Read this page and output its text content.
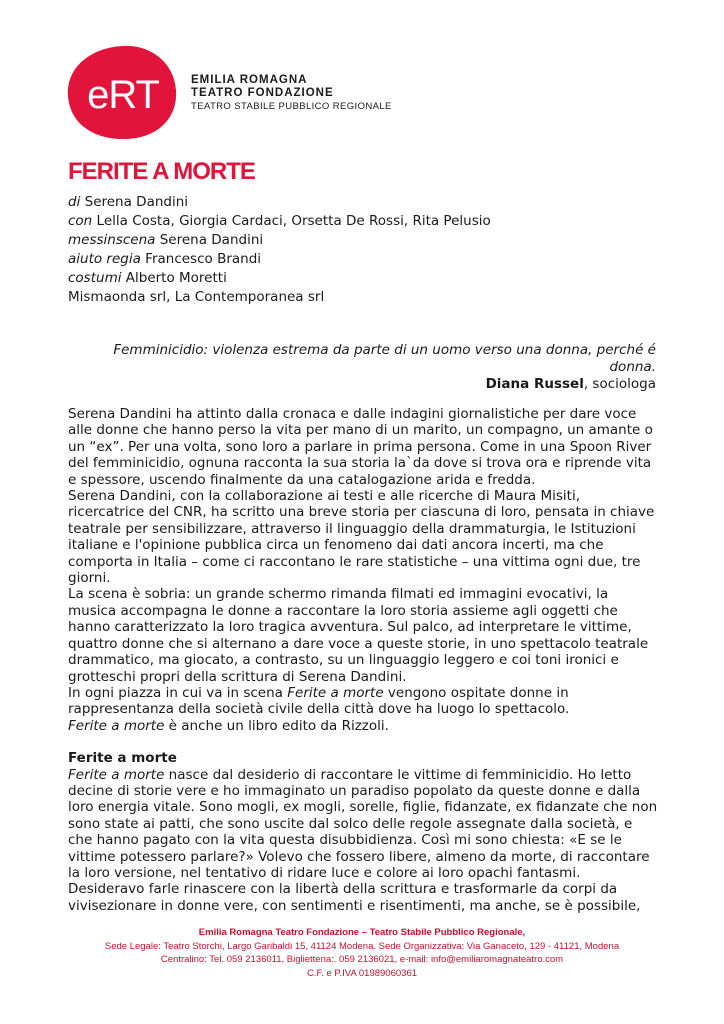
eRT	EMILIA ROMAGNA
TEATRO FONDAZIONE
TEATRO STABILE PUBBLICO REGIONALE
FERITE A MORTE
di Serena Dandini
con Lella Costa, Giorgia Cardaci, Orsetta De Rossi, Rita Pelusio
messinscena Serena Dandini
aiuto regia Francesco Brandi
costumi Alberto Moretti
Mismaonda srl, La Contemporanea srl
Femminicidio: violenza estrema da parte di un uomo verso una donna, perché é
donna.
Diana Russel, sociologa

Serena Dandini ha attinto dalla cronaca e dalle indagini giornalistiche per dare voce alle donne che hanno perso la vita per mano di un marito, un compagno, un amante o un “ex”. Per una volta, sono loro a parlare in prima persona. Come in una Spoon River del femminicidio, ognuna racconta la sua storia la`da dove si trova ora e riprende vita e spessore, uscendo finalmente da una catalogazione arida e fredda.

Serena Dandini, con la collaborazione ai testi e alle ricerche di Maura Misiti, ricercatrice del CNR, ha scritto una breve storia per ciascuna di loro, pensata in chiave teatrale per sensibilizzare, attraverso il linguaggio della drammaturgia, le Istituzioni italiane e l'opinione pubblica circa un fenomeno dai dati ancora incerti, ma che comporta in Italia – come ci raccontano le rare statistiche – una vittima ogni due, tre giorni.

La scena è sobria: un grande schermo rimanda filmati ed immagini evocativi, la musica accompagna le donne a raccontare la loro storia assieme agli oggetti che hanno caratterizzato la loro tragica avventura. Sul palco, ad interpretare le vittime, quattro donne che si alternano a dare voce a queste storie, in uno spettacolo teatrale drammatico, ma giocato, a contrasto, su un linguaggio leggero e coi toni ironici e grotteschi propri della scrittura di Serena Dandini.

In ogni piazza in cui va in scena Ferite a morte vengono ospitate donne in rappresentanza della società civile della città dove ha luogo lo spettacolo.

Ferite a morte è anche un libro edito da Rizzoli.

Ferite a morte

Ferite a morte nasce dal desiderio di raccontare le vittime di femminicidio. Ho letto decine di storie vere e ho immaginato un paradiso popolato da queste donne e dalla loro energia vitale. Sono mogli, ex mogli, sorelle, figlie, fidanzate, ex fidanzate che non sono state ai patti, che sono uscite dal solco delle regole assegnate dalla società, e che hanno pagato con la vita questa disubbidienza. Così mi sono chiesta: «E se le vittime potessero parlare?» Volevo che fossero libere, almeno da morte, di raccontare la loro versione, nel tentativo di ridare luce e colore ai loro opachi fantasmi. Desideravo farle rinascere con la libertà della scrittura e trasformarle da corpi da vivisezionare in donne vere, con sentimenti e risentimenti, ma anche, se è possibile,

Emilia Romagna Teatro Fondazione – Teatro Stabile Pubblico Regionale,
Sede Legale: Teatro Storchi, Largo Garibaldi 15, 41124 Modena. Sede Organizzativa: Via Ganaceto, 129 - 41121, Modena
Centralino: Tel. 059 2136011, Biglietteria:. 059 2136021, e-mail: info@emiliaromagnateatro.com
C.F. e P.IVA 01989060361
